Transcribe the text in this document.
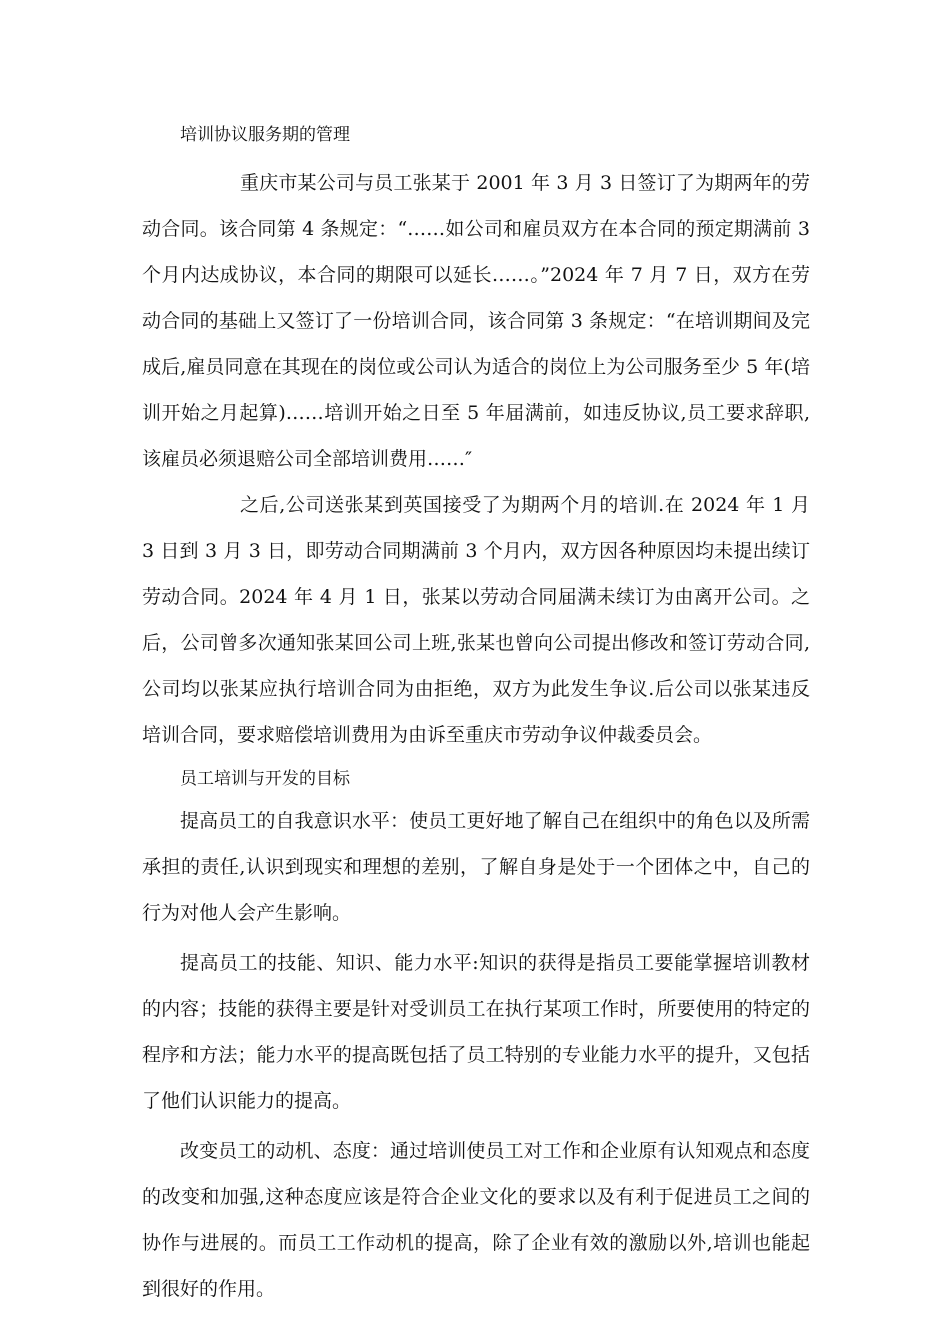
培训协议服务期的管理

重庆市某公司与员工张某于 2001 年 3 月 3 日签订了为期两年的劳动合同。该合同第 4 条规定：“……如公司和雇员双方在本合同的预定期满前 3 个月内达成协议，本合同的期限可以延长……。”2024 年 7 月 7 日，双方在劳动合同的基础上又签订了一份培训合同，该合同第 3 条规定：“在培训期间及完成后,雇员同意在其现在的岗位或公司认为适合的岗位上为公司服务至少 5 年(培训开始之月起算)……培训开始之日至 5 年届满前，如违反协议,员工要求辞职,该雇员必须退赔公司全部培训费用……″

之后,公司送张某到英国接受了为期两个月的培训.在 2024 年 1 月 3 日到 3 月 3 日，即劳动合同期满前 3 个月内，双方因各种原因均未提出续订劳动合同。2024 年 4 月 1 日，张某以劳动合同届满未续订为由离开公司。之后，公司曾多次通知张某回公司上班,张某也曾向公司提出修改和签订劳动合同,公司均以张某应执行培训合同为由拒绝，双方为此发生争议.后公司以张某违反培训合同，要求赔偿培训费用为由诉至重庆市劳动争议仲裁委员会。

员工培训与开发的目标

提高员工的自我意识水平：使员工更好地了解自己在组织中的角色以及所需承担的责任,认识到现实和理想的差别，了解自身是处于一个团体之中，自己的行为对他人会产生影响。

提高员工的技能、知识、能力水平:知识的获得是指员工要能掌握培训教材的内容；技能的获得主要是针对受训员工在执行某项工作时，所要使用的特定的程序和方法；能力水平的提高既包括了员工特别的专业能力水平的提升，又包括了他们认识能力的提高。

改变员工的动机、态度：通过培训使员工对工作和企业原有认知观点和态度的改变和加强,这种态度应该是符合企业文化的要求以及有利于促进员工之间的协作与进展的。而员工工作动机的提高，除了企业有效的激励以外,培训也能起到很好的作用。
